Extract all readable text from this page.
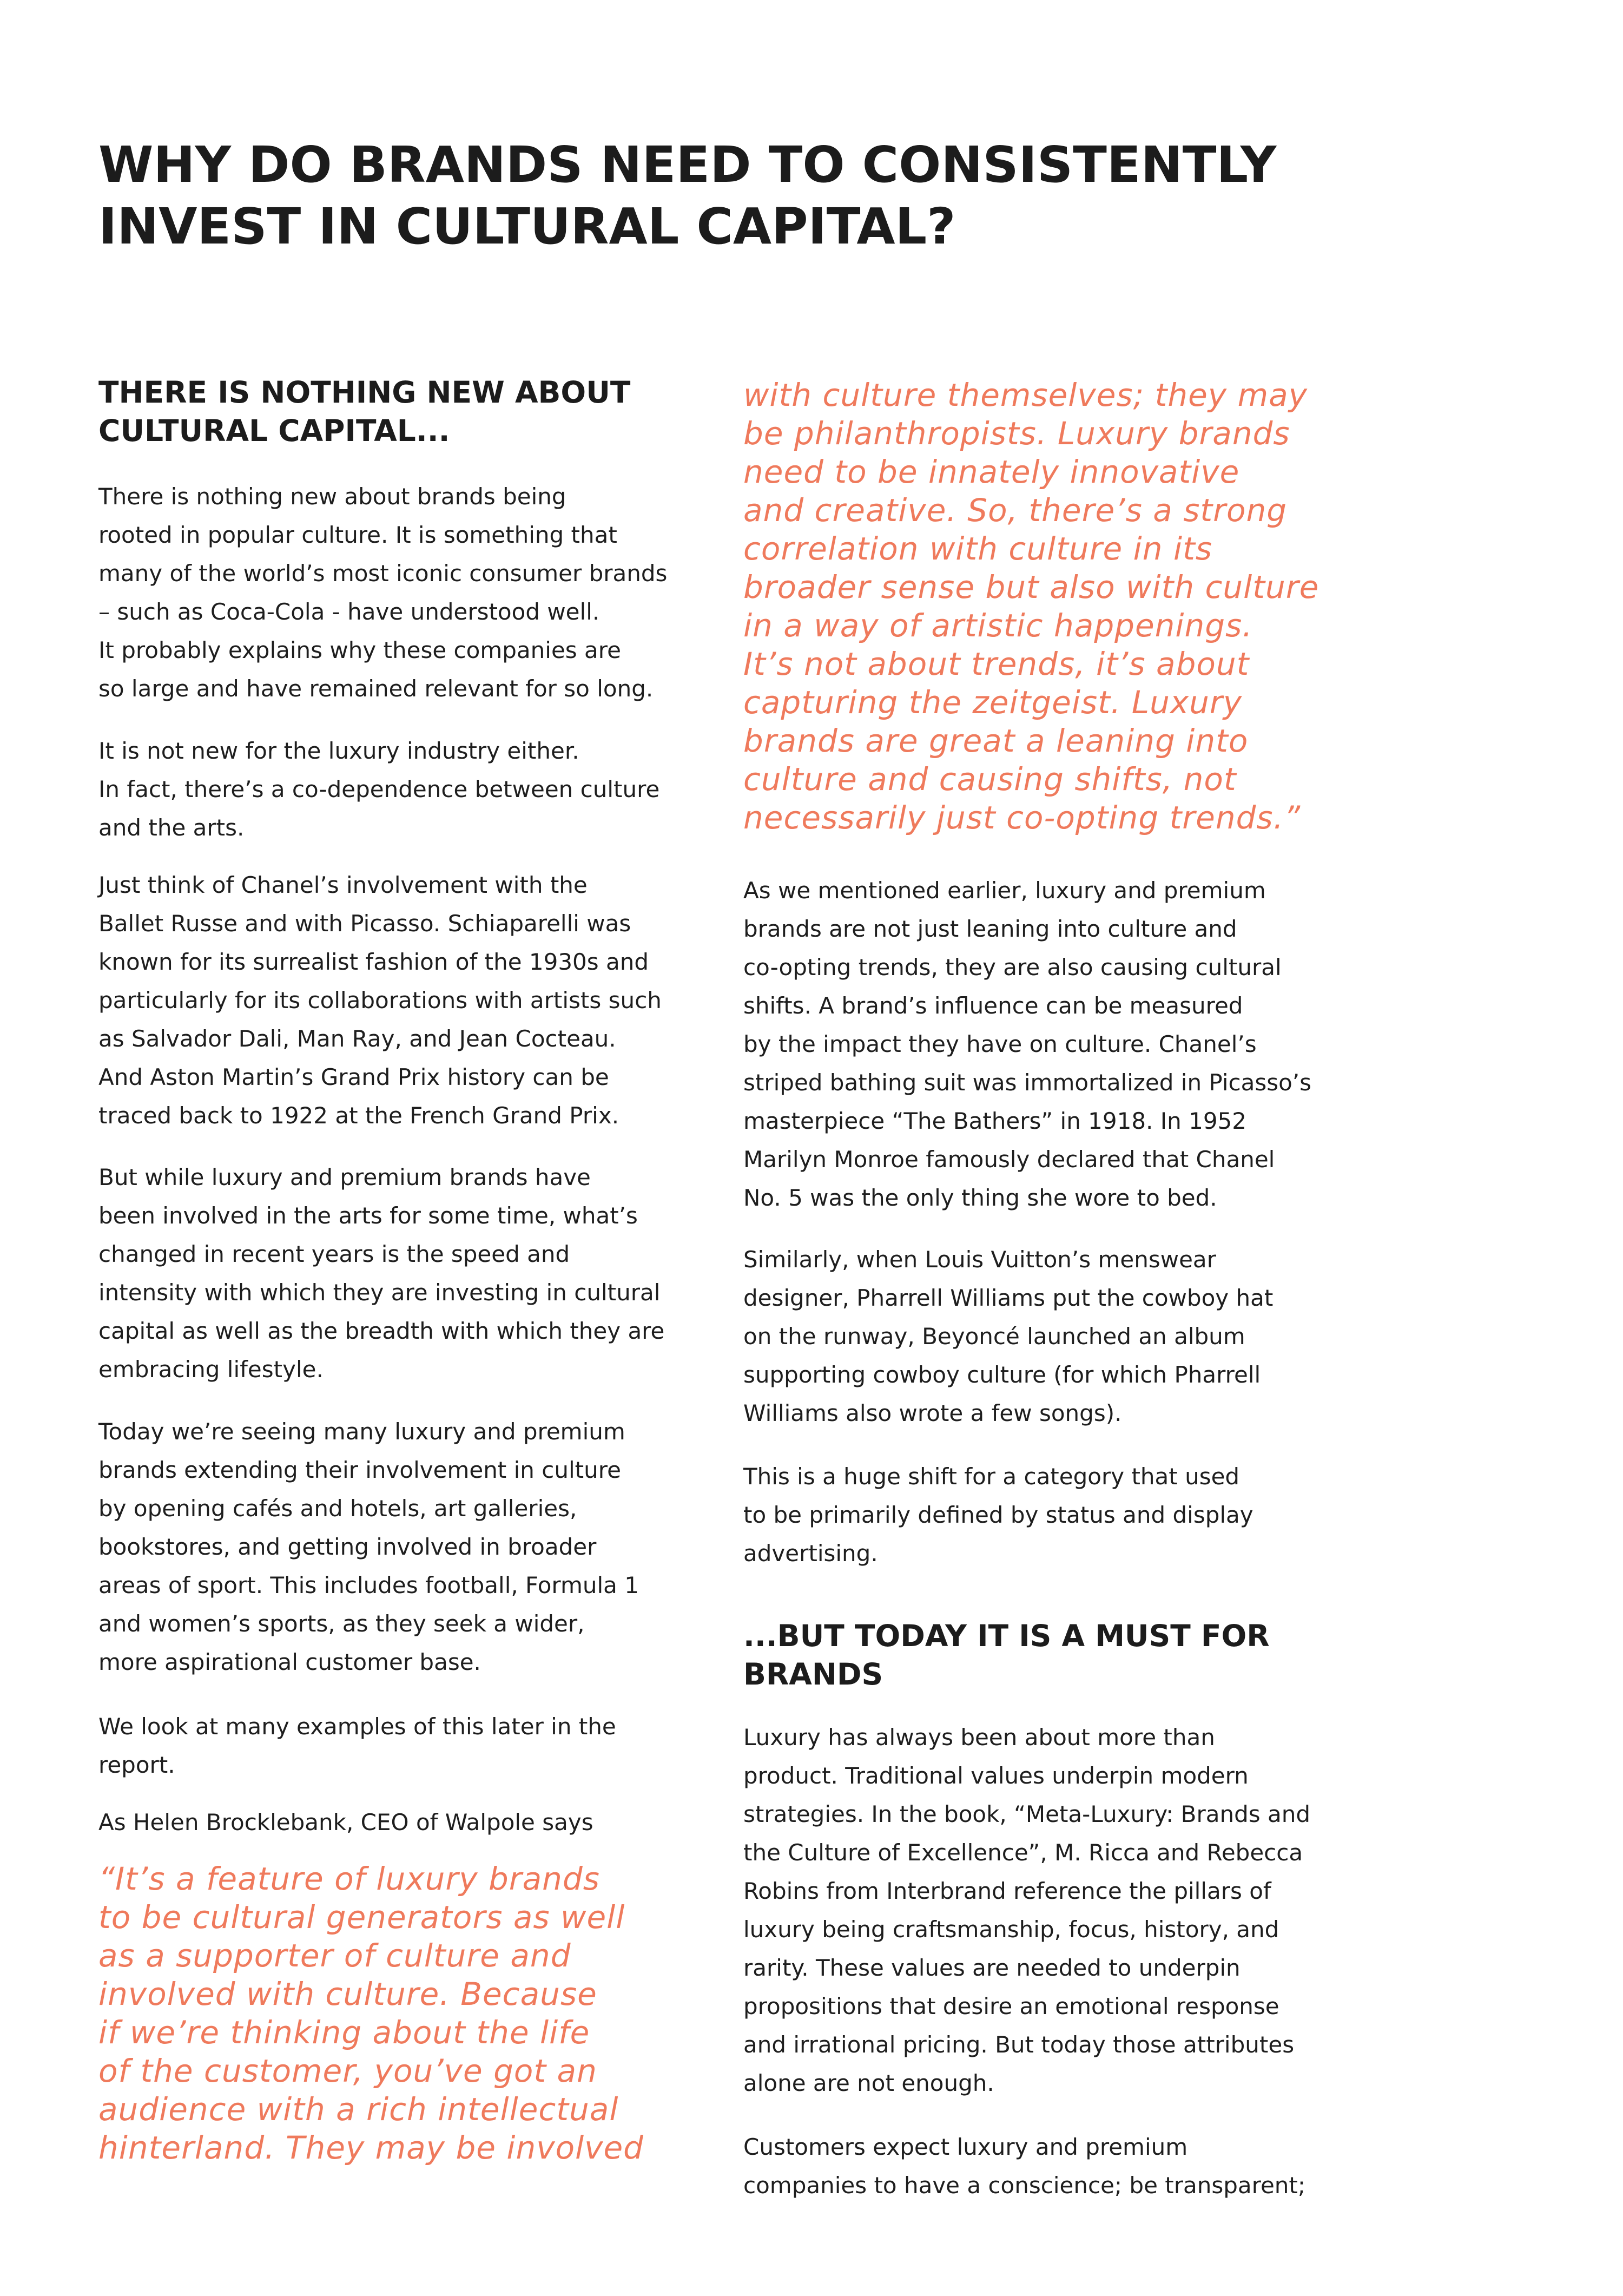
WHY DO BRANDS NEED TO CONSISTENTLY
INVEST IN CULTURAL CAPITAL?
THERE IS NOTHING NEW ABOUT
CULTURAL CAPITAL...

There is nothing new about brands being
rooted in popular culture. It is something that
many of the world’s most iconic consumer brands
– such as Coca-Cola - have understood well.
It probably explains why these companies are
so large and have remained relevant for so long.

It is not new for the luxury industry either.
In fact, there’s a co-dependence between culture
and the arts.

Just think of Chanel’s involvement with the
Ballet Russe and with Picasso. Schiaparelli was
known for its surrealist fashion of the 1930s and
particularly for its collaborations with artists such
as Salvador Dali, Man Ray, and Jean Cocteau.
And Aston Martin’s Grand Prix history can be
traced back to 1922 at the French Grand Prix.

But while luxury and premium brands have
been involved in the arts for some time, what’s
changed in recent years is the speed and
intensity with which they are investing in cultural
capital as well as the breadth with which they are
embracing lifestyle.

Today we’re seeing many luxury and premium
brands extending their involvement in culture
by opening cafés and hotels, art galleries,
bookstores, and getting involved in broader
areas of sport. This includes football, Formula 1
and women’s sports, as they seek a wider,
more aspirational customer base.

We look at many examples of this later in the
report.

As Helen Brocklebank, CEO of Walpole says

“It’s a feature of luxury brands
to be cultural generators as well
as a supporter of culture and
involved with culture. Because
if we’re thinking about the life
of the customer, you’ve got an
audience with a rich intellectual
hinterland. They may be involved
with culture themselves; they may
be philanthropists. Luxury brands
need to be innately innovative
and creative. So, there’s a strong
correlation with culture in its
broader sense but also with culture
in a way of artistic happenings.
It’s not about trends, it’s about
capturing the zeitgeist. Luxury
brands are great a leaning into
culture and causing shifts, not
necessarily just co-opting trends.”

As we mentioned earlier, luxury and premium
brands are not just leaning into culture and
co-opting trends, they are also causing cultural
shifts. A brand’s influence can be measured
by the impact they have on culture. Chanel’s
striped bathing suit was immortalized in Picasso’s
masterpiece “The Bathers” in 1918. In 1952
Marilyn Monroe famously declared that Chanel
No. 5 was the only thing she wore to bed.

Similarly, when Louis Vuitton’s menswear
designer, Pharrell Williams put the cowboy hat
on the runway, Beyoncé launched an album
supporting cowboy culture (for which Pharrell
Williams also wrote a few songs).

This is a huge shift for a category that used
to be primarily defined by status and display
advertising.

...BUT TODAY IT IS A MUST FOR
BRANDS

Luxury has always been about more than
product. Traditional values underpin modern
strategies. In the book, “Meta-Luxury: Brands and
the Culture of Excellence”, M. Ricca and Rebecca
Robins from Interbrand reference the pillars of
luxury being craftsmanship, focus, history, and
rarity. These values are needed to underpin
propositions that desire an emotional response
and irrational pricing. But today those attributes
alone are not enough.

Customers expect luxury and premium
companies to have a conscience; be transparent;
